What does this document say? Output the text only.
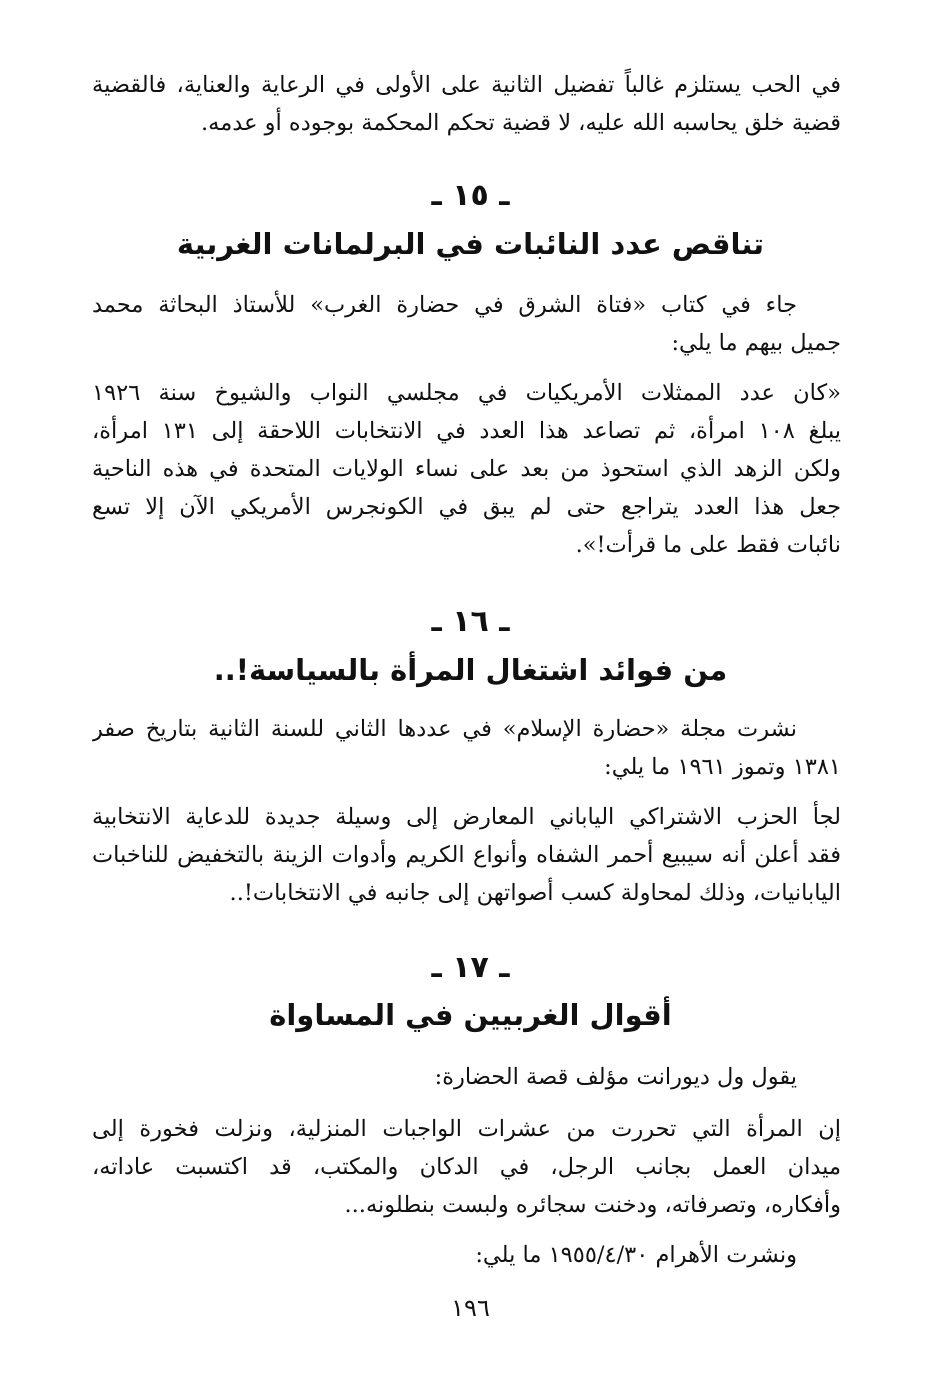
في الحب يستلزم غالباً تفضيل الثانية على الأولى في الرعاية والعناية، فالقضية
قضية خلق يحاسبه الله عليه، لا قضية تحكم المحكمة بوجوده أو عدمه.

ـ ١٥ ـ
تناقص عدد النائبات في البرلمانات الغربية

جاء في كتاب «فتاة الشرق في حضارة الغرب» للأستاذ البحاثة محمد
جميل بيهم ما يلي:

«كان عدد الممثلات الأمريكيات في مجلسي النواب والشيوخ سنة ١٩٢٦
يبلغ ١٠٨ امرأة، ثم تصاعد هذا العدد في الانتخابات اللاحقة إلى ١٣١ امرأة،
ولكن الزهد الذي استحوذ من بعد على نساء الولايات المتحدة في هذه الناحية
جعل هذا العدد يتراجع حتى لم يبق في الكونجرس الأمريكي الآن إلا تسع
نائبات فقط على ما قرأت!».

ـ ١٦ ـ
من فوائد اشتغال المرأة بالسياسة!..

نشرت مجلة «حضارة الإسلام» في عددها الثاني للسنة الثانية بتاريخ صفر
١٣٨١ وتموز ١٩٦١ ما يلي:

لجأ الحزب الاشتراكي الياباني المعارض إلى وسيلة جديدة للدعاية الانتخابية
فقد أعلن أنه سيبيع أحمر الشفاه وأنواع الكريم وأدوات الزينة بالتخفيض للناخبات
اليابانيات، وذلك لمحاولة كسب أصواتهن إلى جانبه في الانتخابات!..

ـ ١٧ ـ
أقوال الغربيين في المساواة

يقول ول ديورانت مؤلف قصة الحضارة:

إن المرأة التي تحررت من عشرات الواجبات المنزلية، ونزلت فخورة إلى
ميدان العمل بجانب الرجل، في الدكان والمكتب، قد اكتسبت عاداته،
وأفكاره، وتصرفاته، ودخنت سجائره ولبست بنطلونه...

ونشرت الأهرام ١٩٥٥/٤/٣٠ ما يلي:

١٩٦
